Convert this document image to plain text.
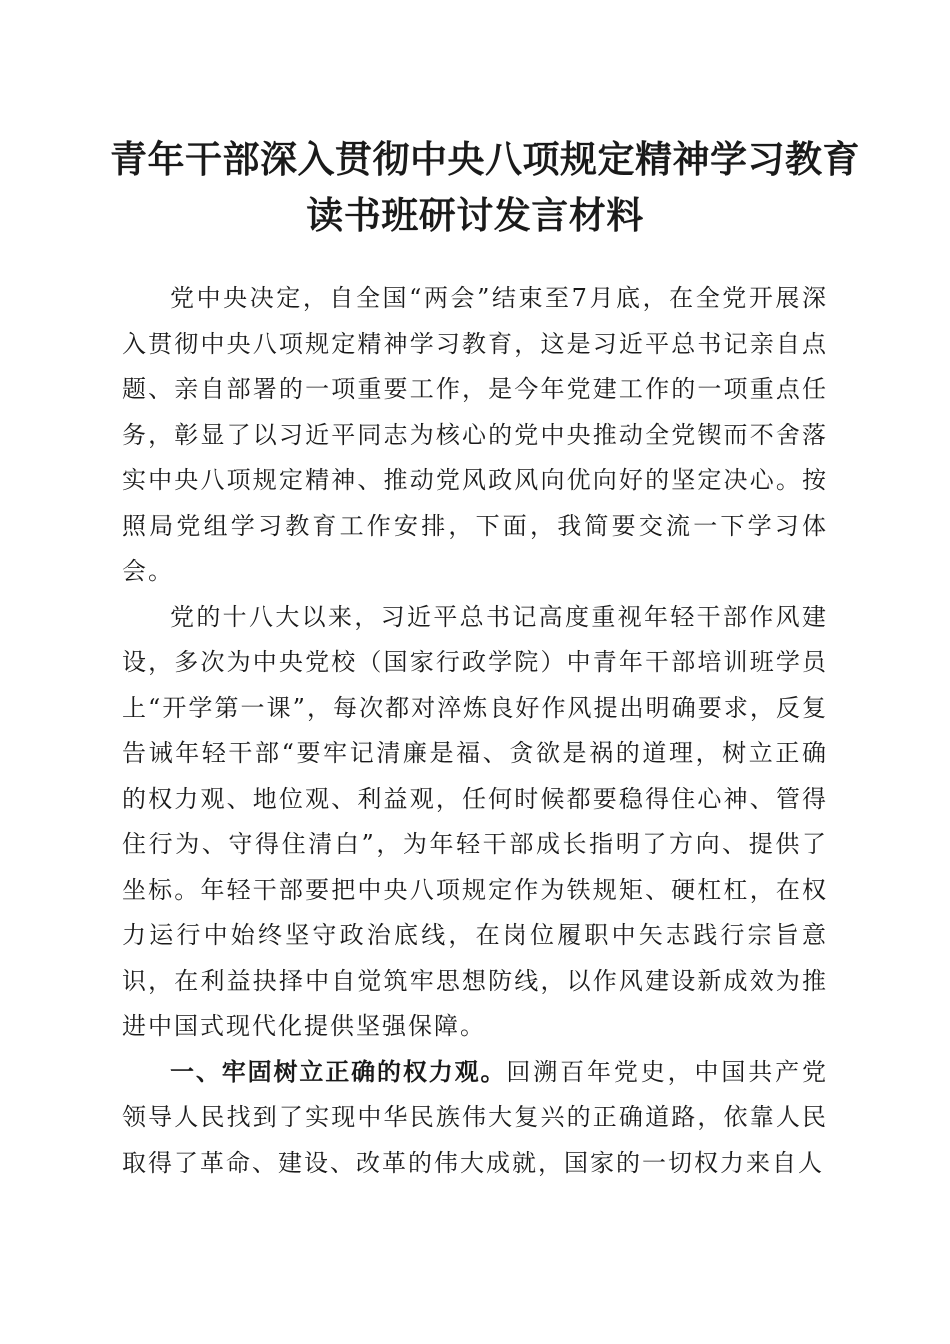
青年干部深入贯彻中央八项规定精神学习教育
读书班研讨发言材料

党中央决定，自全国“两会”结束至7月底，在全党开展深入贯彻中央八项规定精神学习教育，这是习近平总书记亲自点题、亲自部署的一项重要工作，是今年党建工作的一项重点任务，彰显了以习近平同志为核心的党中央推动全党锲而不舍落实中央八项规定精神、推动党风政风向优向好的坚定决心。按照局党组学习教育工作安排，下面，我简要交流一下学习体会。

党的十八大以来，习近平总书记高度重视年轻干部作风建设，多次为中央党校（国家行政学院）中青年干部培训班学员上“开学第一课”，每次都对淬炼良好作风提出明确要求，反复告诫年轻干部“要牢记清廉是福、贪欲是祸的道理，树立正确的权力观、地位观、利益观，任何时候都要稳得住心神、管得住行为、守得住清白”，为年轻干部成长指明了方向、提供了坐标。年轻干部要把中央八项规定作为铁规矩、硬杠杠，在权力运行中始终坚守政治底线，在岗位履职中矢志践行宗旨意识，在利益抉择中自觉筑牢思想防线，以作风建设新成效为推进中国式现代化提供坚强保障。

一、牢固树立正确的权力观。回溯百年党史，中国共产党领导人民找到了实现中华民族伟大复兴的正确道路，依靠人民取得了革命、建设、改革的伟大成就，国家的一切权力来自人
